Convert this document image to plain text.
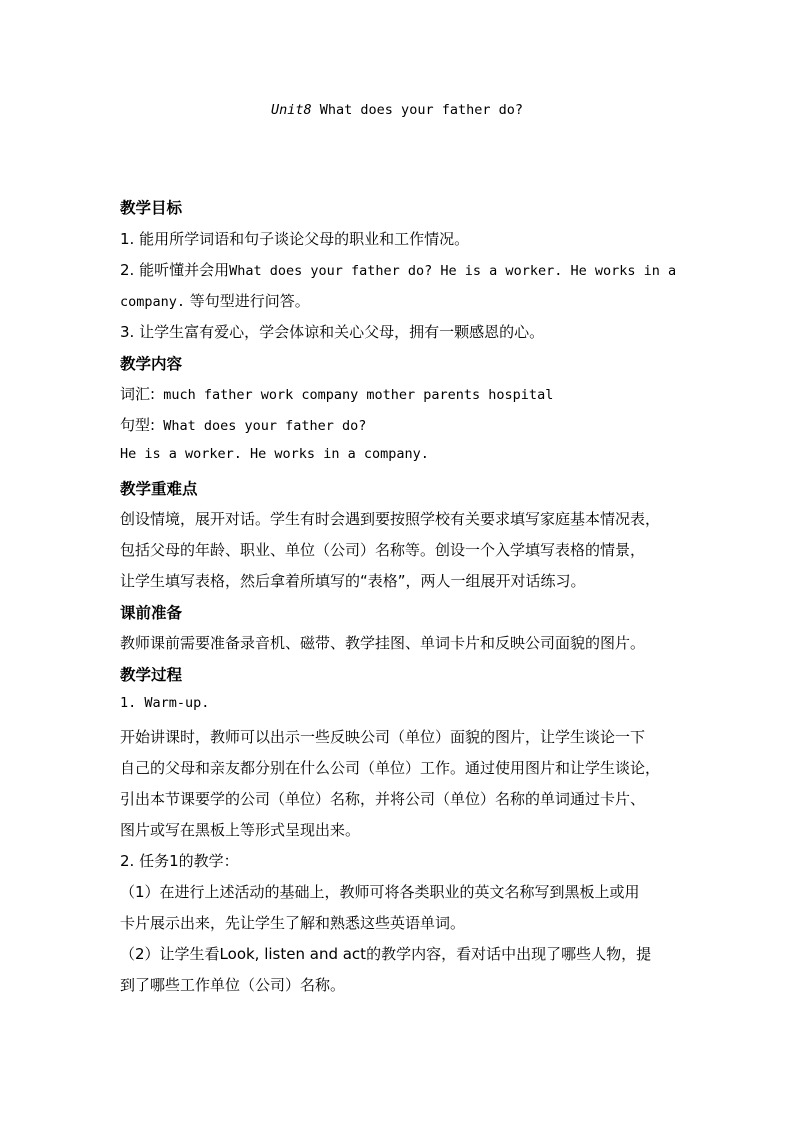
Unit8 What does your father do?
教学目标
1. 能用所学词语和句子谈论父母的职业和工作情况。
2. 能听懂并会用What does your father do? He is a worker. He works in a
company. 等句型进行问答。
3. 让学生富有爱心，学会体谅和关心父母，拥有一颗感恩的心。
教学内容
词汇: much father work company mother parents hospital
句型: What does your father do?
He is a worker. He works in a company.
教学重难点
创设情境，展开对话。学生有时会遇到要按照学校有关要求填写家庭基本情况表，
包括父母的年龄、职业、单位（公司）名称等。创设一个入学填写表格的情景，
让学生填写表格，然后拿着所填写的“表格”，两人一组展开对话练习。
课前准备
教师课前需要准备录音机、磁带、教学挂图、单词卡片和反映公司面貌的图片。
教学过程
1. Warm-up.
开始讲课时，教师可以出示一些反映公司（单位）面貌的图片，让学生谈论一下
自己的父母和亲友都分别在什么公司（单位）工作。通过使用图片和让学生谈论，
引出本节课要学的公司（单位）名称，并将公司（单位）名称的单词通过卡片、
图片或写在黑板上等形式呈现出来。
2. 任务1的教学：
（1）在进行上述活动的基础上，教师可将各类职业的英文名称写到黑板上或用
卡片展示出来，先让学生了解和熟悉这些英语单词。
（2）让学生看Look, listen and act的教学内容，看对话中出现了哪些人物，提
到了哪些工作单位（公司）名称。
